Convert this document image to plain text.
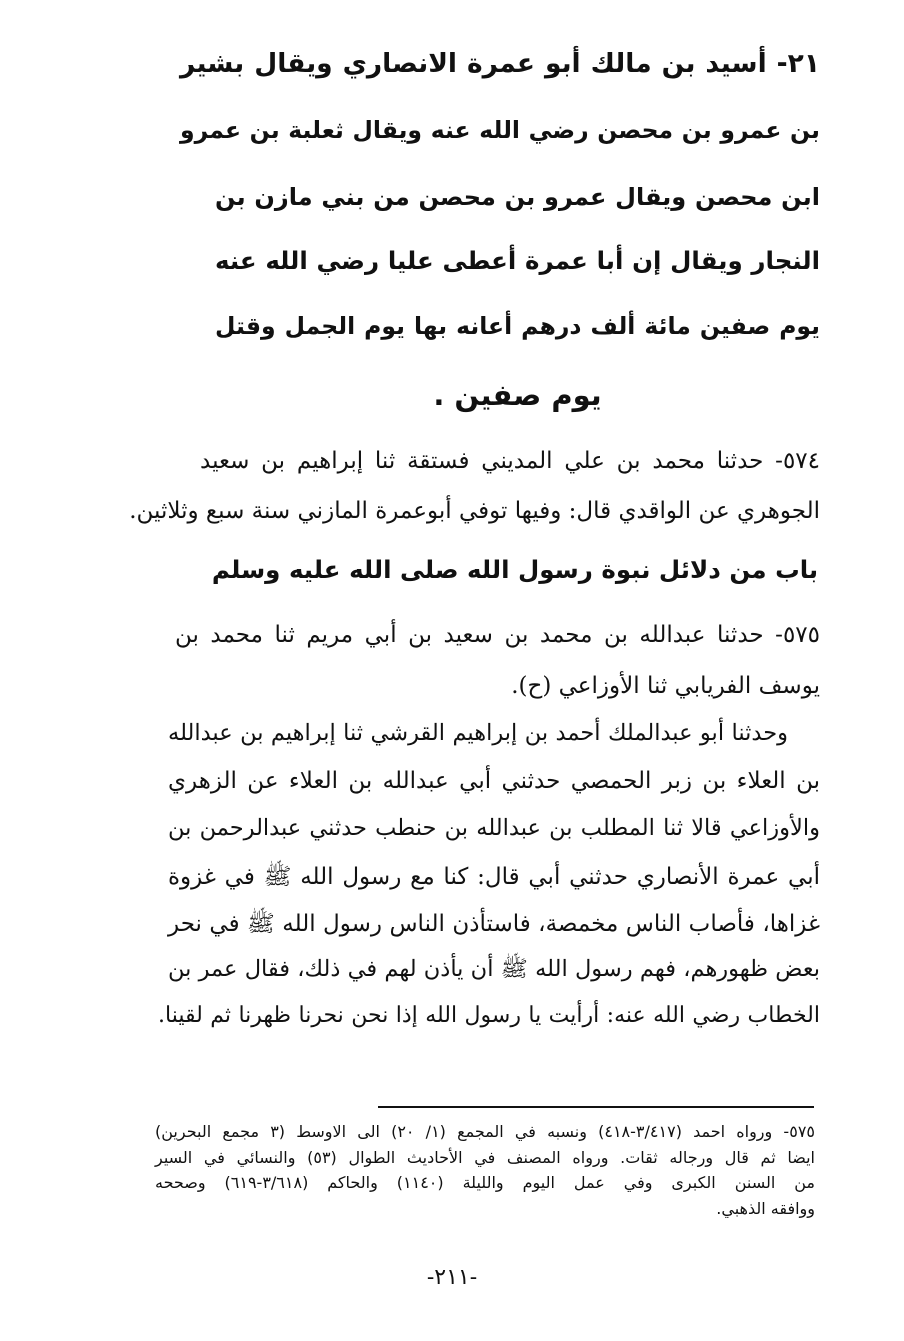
٢١- أسيد بن مالك أبو عمرة الانصاري ويقال بشير
بن عمرو بن محصن رضي الله عنه ويقال ثعلبة بن عمرو
ابن محصن ويقال عمرو بن محصن من بني مازن بن
النجار ويقال إن أبا عمرة أعطى عليا رضي الله عنه
يوم صفين مائة ألف درهم أعانه بها يوم الجمل وقتل
يوم صفين .
٥٧٤- حدثنا محمد بن علي المديني فستقة ثنا إبراهيم بن سعيد
الجوهري عن الواقدي قال: وفيها توفي أبوعمرة المازني سنة سبع وثلاثين.
باب من دلائل نبوة رسول الله صلى الله عليه وسلم
٥٧٥- حدثنا عبدالله بن محمد بن سعيد بن أبي مريم ثنا محمد بن
يوسف الفريابي ثنا الأوزاعي (ح).
وحدثنا أبو عبدالملك أحمد بن إبراهيم القرشي ثنا إبراهيم بن عبدالله
بن العلاء بن زبر الحمصي حدثني أبي عبدالله بن العلاء عن الزهري
والأوزاعي قالا ثنا المطلب بن عبدالله بن حنطب حدثني عبدالرحمن بن
أبي عمرة الأنصاري حدثني أبي قال: كنا مع رسول الله ﷺ في غزوة
غزاها، فأصاب الناس مخمصة، فاستأذن الناس رسول الله ﷺ في نحر
بعض ظهورهم، فهم رسول الله ﷺ أن يأذن لهم في ذلك، فقال عمر بن
الخطاب رضي الله عنه: أرأيت يا رسول الله إذا نحن نحرنا ظهرنا ثم لقينا.
٥٧٥- ورواه احمد (٣/٤١٧-٤١٨) ونسبه في المجمع (١/ ٢٠) الى الاوسط (٣ مجمع البحرين)
ايضا ثم قال ورجاله ثقات. ورواه المصنف في الأحاديث الطوال (٥٣) والنسائي في السير
من السنن الكبرى وفي عمل اليوم والليلة (١١٤٠) والحاكم (٣/٦١٨-٦١٩) وصححه
ووافقه الذهبي.
-٢١١-
